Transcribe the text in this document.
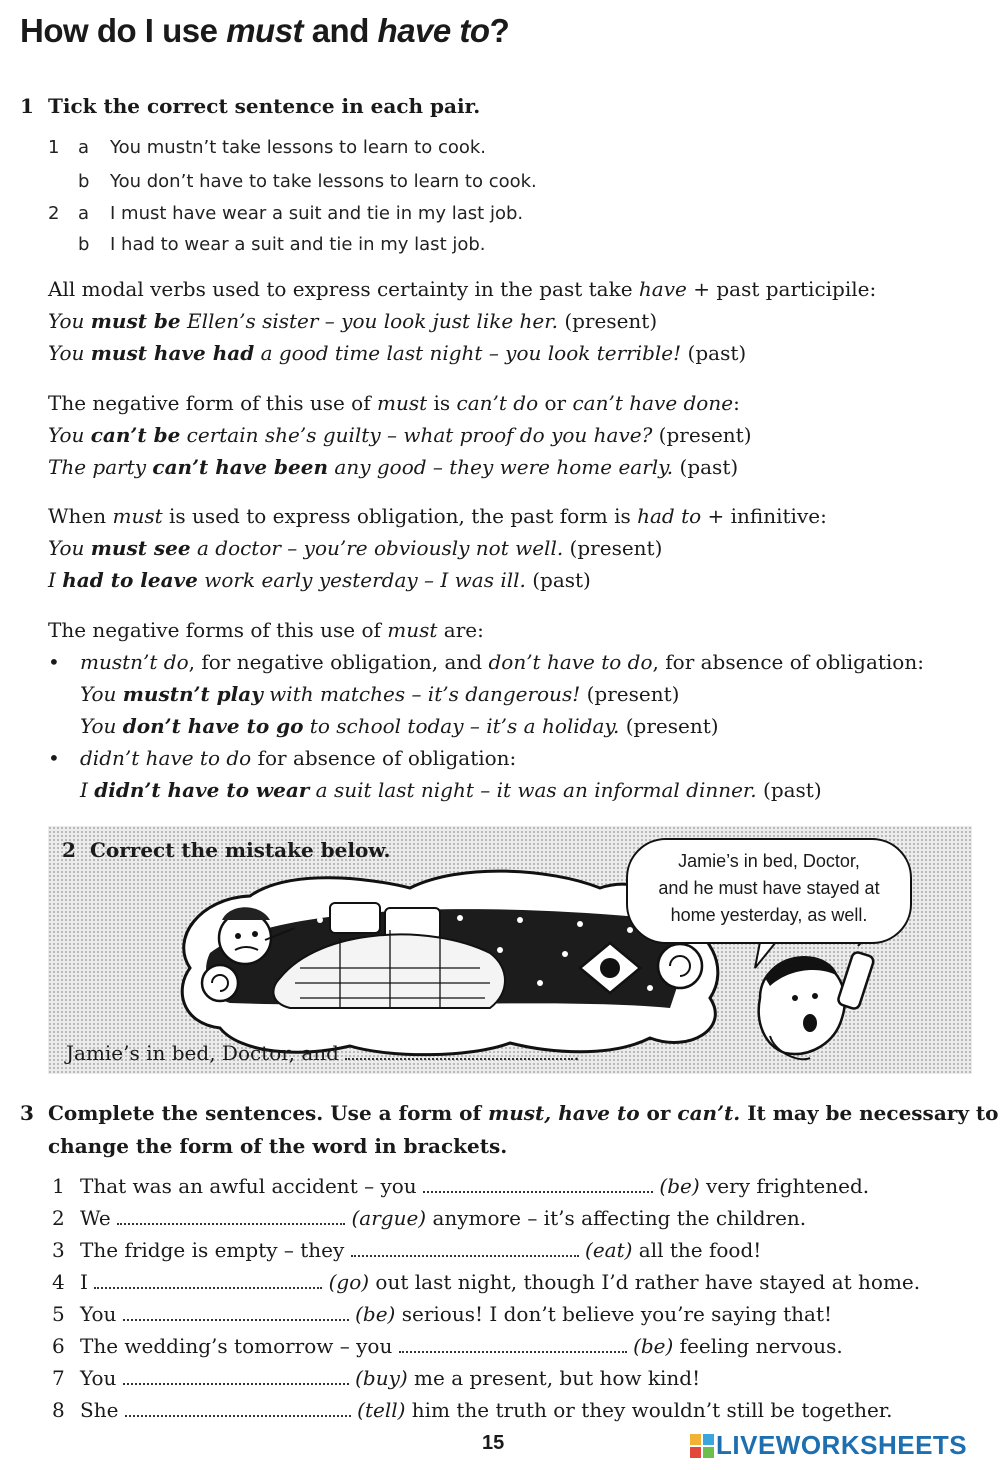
How do I use must and have to?
1 Tick the correct sentence in each pair.
1 a You mustn’t take lessons to learn to cook.
b You don’t have to take lessons to learn to cook.
2 a I must have wear a suit and tie in my last job.
b I had to wear a suit and tie in my last job.
All modal verbs used to express certainty in the past take have + past participile:
You must be Ellen’s sister – you look just like her. (present)
You must have had a good time last night – you look terrible! (past)
The negative form of this use of must is can’t do or can’t have done:
You can’t be certain she’s guilty – what proof do you have? (present)
The party can’t have been any good – they were home early. (past)
When must is used to express obligation, the past form is had to + infinitive:
You must see a doctor – you’re obviously not well. (present)
I had to leave work early yesterday – I was ill. (past)
The negative forms of this use of must are:
• mustn’t do, for negative obligation, and don’t have to do, for absence of obligation:
You mustn’t play with matches – it’s dangerous! (present)
You don’t have to go to school today – it’s a holiday. (present)
• didn’t have to do for absence of obligation:
I didn’t have to wear a suit last night – it was an informal dinner. (past)
2 Correct the mistake below.	Jamie’s in bed, Doctor,
and he must have stayed at
home yesterday, as well.
Jamie’s in bed, Doctor, and	.
3 Complete the sentences. Use a form of must, have to or can’t. It may be necessary to
change the form of the word in brackets.
1 That was an awful accident – you	(be) very frightened.
2 We	(argue) anymore – it’s affecting the children.
3 The fridge is empty – they	(eat) all the food!
4 I	(go) out last night, though I’d rather have stayed at home.
5 You	(be) serious! I don’t believe you’re saying that!
6 The wedding’s tomorrow – you	(be) feeling nervous.
7 You	(buy) me a present, but how kind!
8 She	(tell) him the truth or they wouldn’t still be together.
15	LIVEWORKSHEETS
